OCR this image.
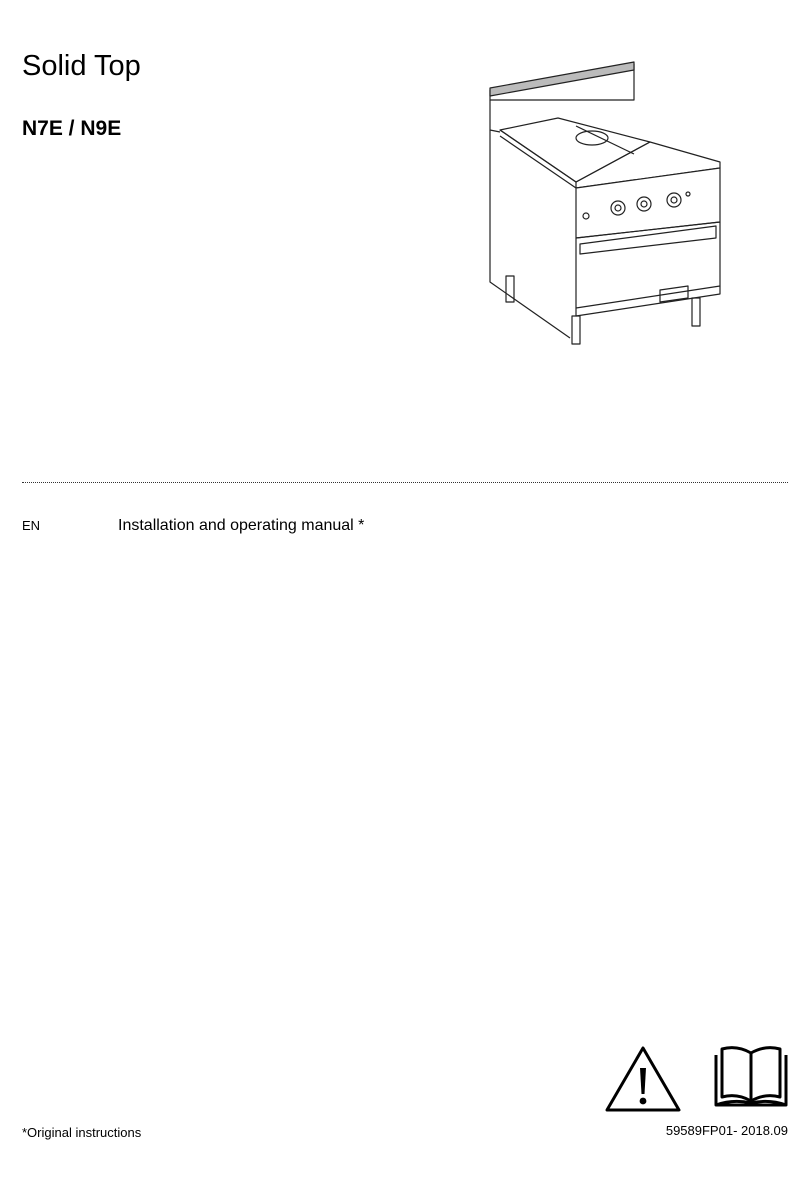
Solid Top
N7E / N9E
EN	Installation and operating manual *
*Original instructions	59589FP01- 2018.09
